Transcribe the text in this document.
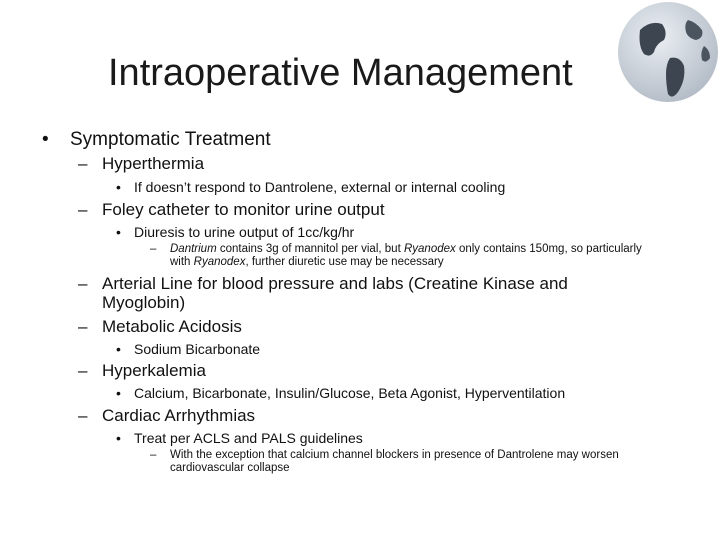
Intraoperative Management
• Symptomatic Treatment
– Hyperthermia
• If doesn’t respond to Dantrolene, external or internal cooling
– Foley catheter to monitor urine output
• Diuresis to urine output of 1cc/kg/hr
– Dantrium contains 3g of mannitol per vial, but Ryanodex only contains 150mg, so particularly with Ryanodex, further diuretic use may be necessary
– Arterial Line for blood pressure and labs (Creatine Kinase and
Myoglobin)
– Metabolic Acidosis
• Sodium Bicarbonate
– Hyperkalemia
• Calcium, Bicarbonate, Insulin/Glucose, Beta Agonist, Hyperventilation
– Cardiac Arrhythmias
• Treat per ACLS and PALS guidelines
– With the exception that calcium channel blockers in presence of Dantrolene may worsen cardiovascular collapse
